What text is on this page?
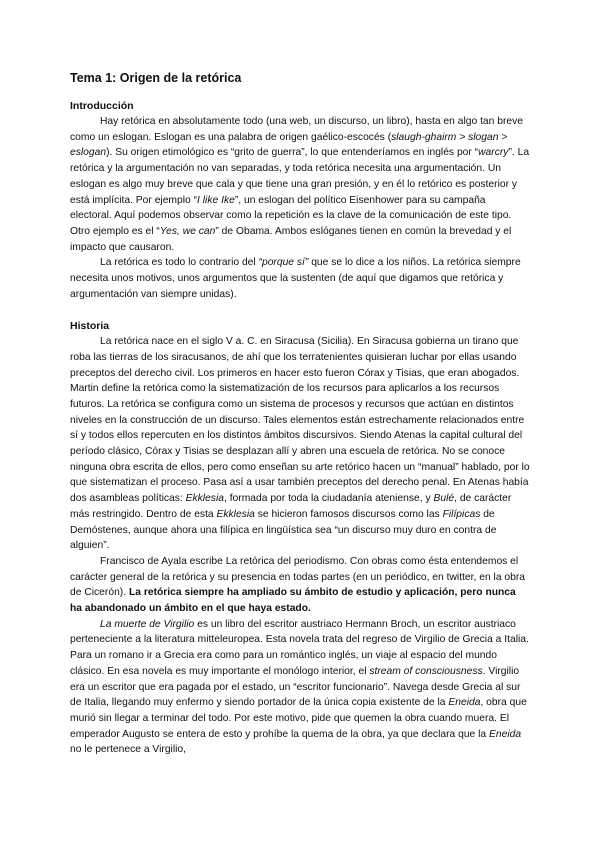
Tema 1: Origen de la retórica
Introducción

Hay retórica en absolutamente todo (una web, un discurso, un libro), hasta en algo tan breve como un eslogan. Eslogan es una palabra de origen gaélico-escocés (slaugh-ghairm > slogan > eslogan). Su origen etimológico es “grito de guerra”, lo que entenderíamos en inglés por “warcry”. La retórica y la argumentación no van separadas, y toda retórica necesita una argumentación. Un eslogan es algo muy breve que cala y que tiene una gran presión, y en él lo retórico es posterior y está implícita. Por ejemplo “I like Ike”, un eslogan del político Eisenhower para su campaña electoral. Aquí podemos observar como la repetición es la clave de la comunicación de este tipo. Otro ejemplo es el “Yes, we can” de Obama. Ambos eslóganes tienen en común la brevedad y el impacto que causaron.

La retórica es todo lo contrario del “porque sí” que se lo dice a los niños. La retórica siempre necesita unos motivos, unos argumentos que la sustenten (de aquí que digamos que retórica y argumentación van siempre unidas).

Historia

La retórica nace en el siglo V a. C. en Siracusa (Sicilia). En Siracusa gobierna un tirano que roba las tierras de los siracusanos, de ahí que los terratenientes quisieran luchar por ellas usando preceptos del derecho civil. Los primeros en hacer esto fueron Córax y Tisias, que eran abogados. Martin define la retórica como la sistematización de los recursos para aplicarlos a los recursos futuros. La retórica se configura como un sistema de procesos y recursos que actúan en distintos niveles en la construcción de un discurso. Tales elementos están estrechamente relacionados entre sí y todos ellos repercuten en los distintos ámbitos discursivos. Siendo Atenas la capital cultural del período clásico, Córax y Tisias se desplazan allí y abren una escuela de retórica. No se conoce ninguna obra escrita de ellos, pero como enseñan su arte retórico hacen un “manual” hablado, por lo que sistematizan el proceso. Pasa así a usar también preceptos del derecho penal. En Atenas había dos asambleas políticas: Ekklesia, formada por toda la ciudadanía ateniense, y Bulé, de carácter más restringido. Dentro de esta Ekklesia se hicieron famosos discursos como las Filípicas de Demóstenes, aunque ahora una filípica en lingüística sea “un discurso muy duro en contra de alguien”.

Francisco de Ayala escribe La retórica del periodismo. Con obras como ésta entendemos el carácter general de la retórica y su presencia en todas partes (en un periódico, en twitter, en la obra de Cicerón). La retórica siempre ha ampliado su ámbito de estudio y aplicación, pero nunca ha abandonado un ámbito en el que haya estado.

La muerte de Virgilio es un libro del escritor austriaco Hermann Broch, un escritor austriaco perteneciente a la literatura mitteleuropea. Esta novela trata del regreso de Virgilio de Grecia a Italia. Para un romano ir a Grecia era como para un romántico inglés, un viaje al espacio del mundo clásico. En esa novela es muy importante el monólogo interior, el stream of consciousness. Virgilio era un escritor que era pagada por el estado, un “escritor funcionario”. Navega desde Grecia al sur de Italia, llegando muy enfermo y siendo portador de la única copia existente de la Eneida, obra que murió sin llegar a terminar del todo. Por este motivo, pide que quemen la obra cuando muera. El emperador Augusto se entera de esto y prohíbe la quema de la obra, ya que declara que la Eneida no le pertenece a Virgilio,
